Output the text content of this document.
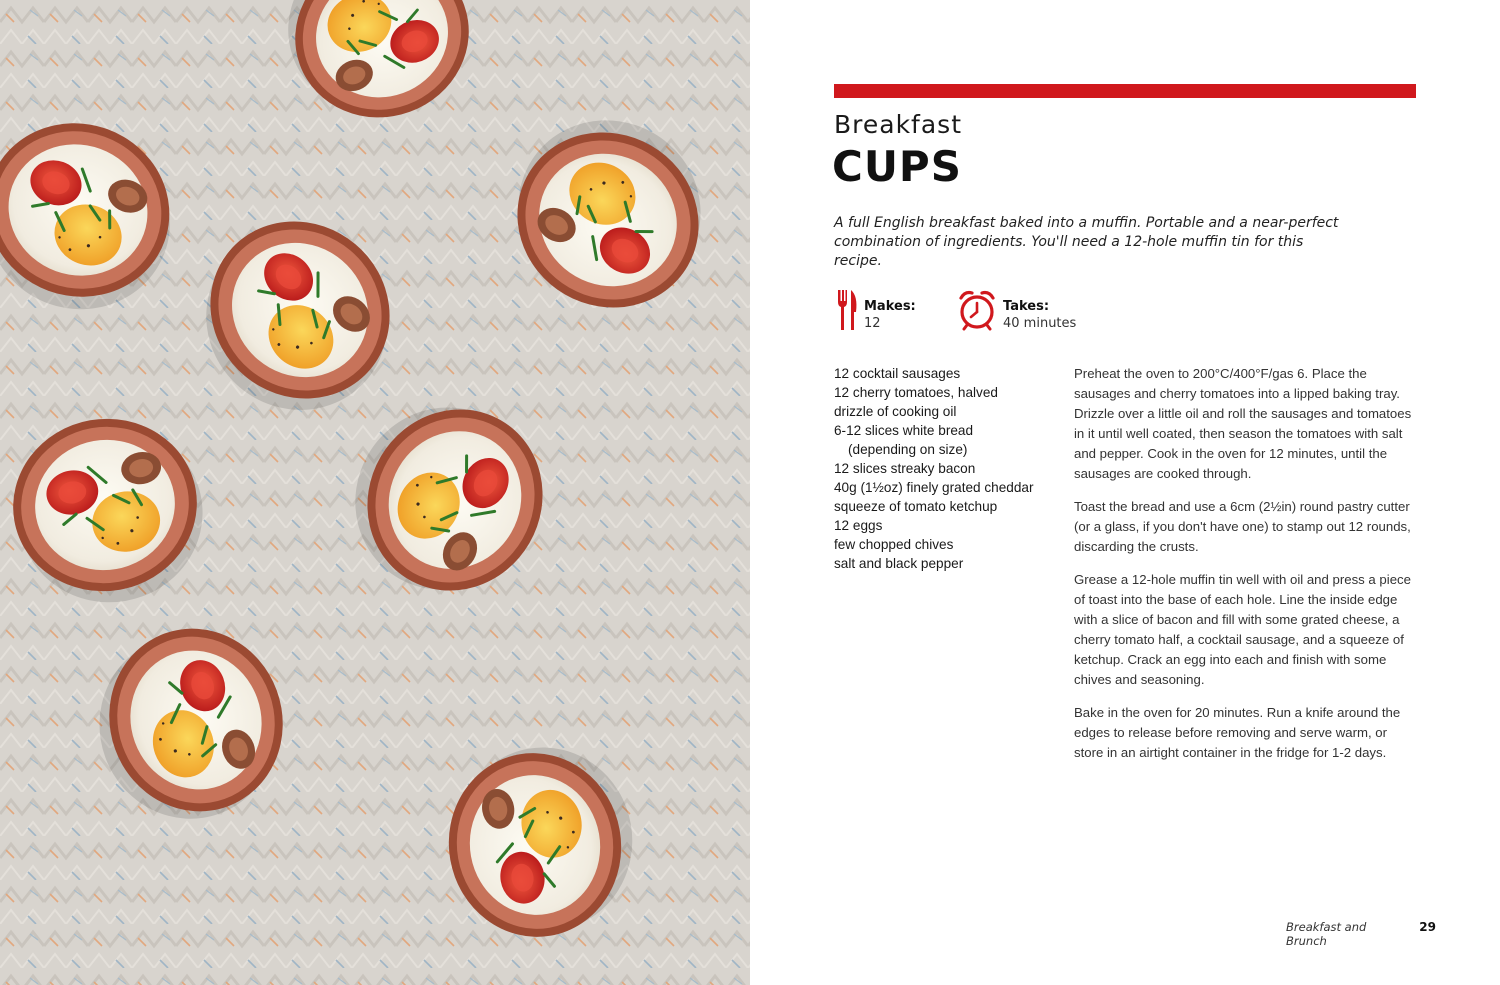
Breakfast
CUPS
A full English breakfast baked into a muffin. Portable and a near-perfect combination of ingredients. You'll need a 12-hole muffin tin for this recipe.
Makes:
12
Takes:
40 minutes
12 cocktail sausages
12 cherry tomatoes, halved
drizzle of cooking oil
6-12 slices white bread
(depending on size)
12 slices streaky bacon
40g (1½oz) finely grated cheddar
squeeze of tomato ketchup
12 eggs
few chopped chives
salt and black pepper

Preheat the oven to 200°C/400°F/gas 6. Place the sausages and cherry tomatoes into a lipped baking tray. Drizzle over a little oil and roll the sausages and tomatoes in it until well coated, then season the tomatoes with salt and pepper. Cook in the oven for 12 minutes, until the sausages are cooked through.

Toast the bread and use a 6cm (2½in) round pastry cutter (or a glass, if you don't have one) to stamp out 12 rounds, discarding the crusts.

Grease a 12-hole muffin tin well with oil and press a piece of toast into the base of each hole. Line the inside edge with a slice of bacon and fill with some grated cheese, a cherry tomato half, a cocktail sausage, and a squeeze of ketchup. Crack an egg into each and finish with some chives and seasoning.

Bake in the oven for 20 minutes. Run a knife around the edges to release before removing and serve warm, or store in an airtight container in the fridge for 1-2 days.

Breakfast and Brunch
29
